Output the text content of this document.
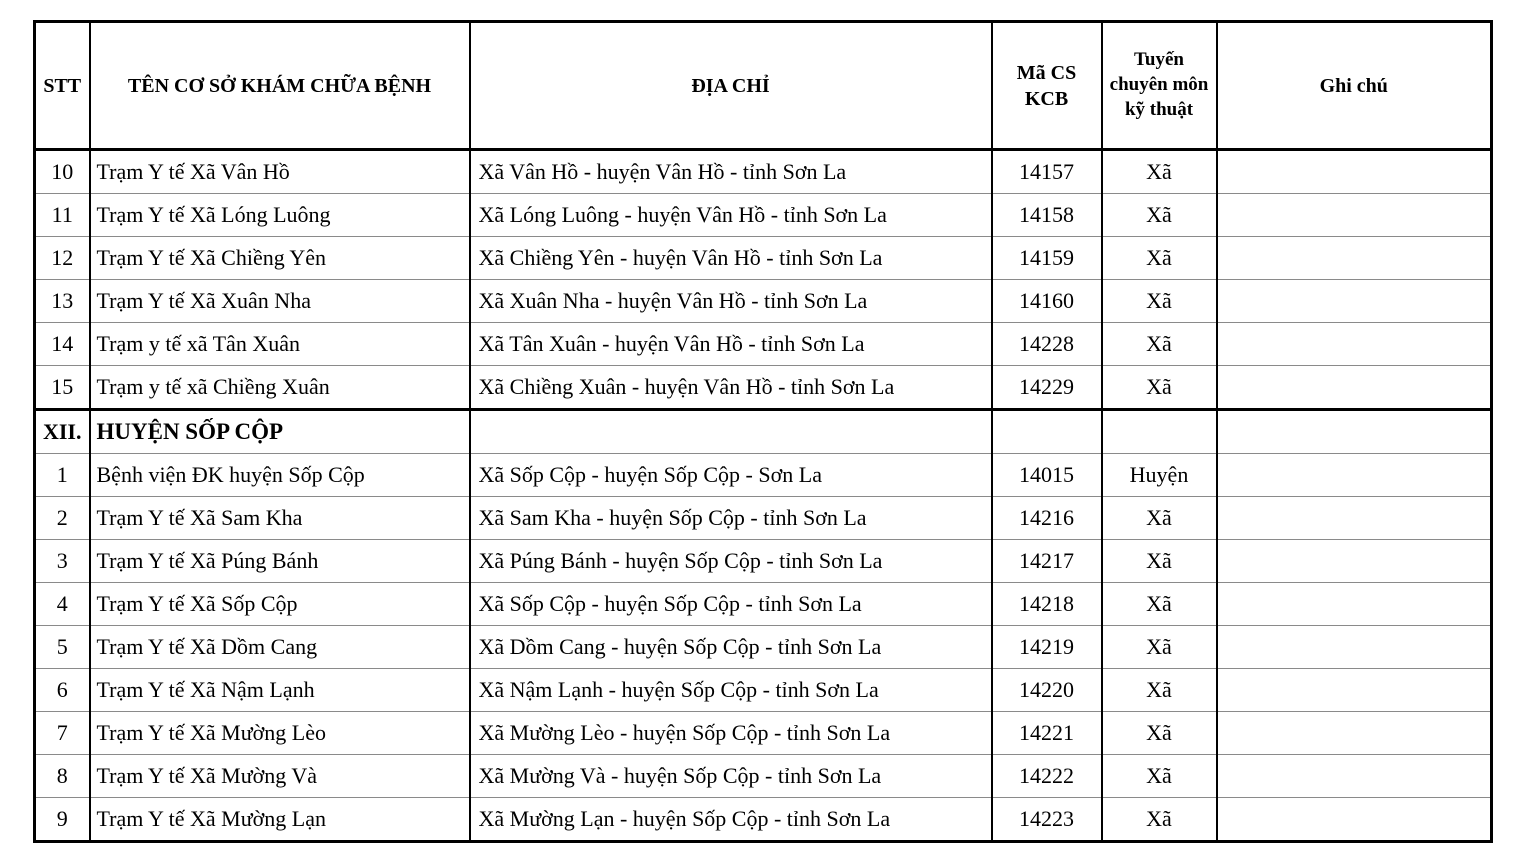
STT	TÊN CƠ SỞ KHÁM CHỮA BỆNH	ĐỊA CHỈ	Mã CS KCB	Tuyến chuyên môn kỹ thuật	Ghi chú
10	Trạm Y tế Xã Vân Hồ	Xã Vân Hồ - huyện Vân Hồ - tỉnh Sơn La	14157	Xã	
11	Trạm Y tế Xã Lóng Luông	Xã Lóng Luông - huyện Vân Hồ - tỉnh Sơn La	14158	Xã	
12	Trạm Y tế Xã Chiềng Yên	Xã Chiềng Yên - huyện Vân Hồ - tỉnh Sơn La	14159	Xã	
13	Trạm Y tế Xã Xuân Nha	Xã Xuân Nha - huyện Vân Hồ - tỉnh Sơn La	14160	Xã	
14	Trạm y tế xã Tân Xuân	Xã Tân Xuân - huyện Vân Hồ - tỉnh Sơn La	14228	Xã	
15	Trạm y tế xã Chiềng Xuân	Xã Chiềng Xuân - huyện Vân Hồ - tỉnh Sơn La	14229	Xã	
XII.	HUYỆN SỐP CỘP				
1	Bệnh viện ĐK huyện Sốp Cộp	Xã Sốp Cộp - huyện Sốp Cộp - Sơn La	14015	Huyện	
2	Trạm Y tế Xã Sam Kha	Xã Sam Kha - huyện Sốp Cộp - tỉnh Sơn La	14216	Xã	
3	Trạm Y tế Xã Púng Bánh	Xã Púng Bánh - huyện Sốp Cộp - tỉnh Sơn La	14217	Xã	
4	Trạm Y tế Xã Sốp Cộp	Xã Sốp Cộp - huyện Sốp Cộp - tỉnh Sơn La	14218	Xã	
5	Trạm Y tế Xã Dồm Cang	Xã Dồm Cang - huyện Sốp Cộp - tỉnh Sơn La	14219	Xã	
6	Trạm Y tế Xã Nậm Lạnh	Xã Nậm Lạnh - huyện Sốp Cộp - tỉnh Sơn La	14220	Xã	
7	Trạm Y tế Xã Mường Lèo	Xã Mường Lèo - huyện Sốp Cộp - tỉnh Sơn La	14221	Xã	
8	Trạm Y tế Xã Mường Và	Xã Mường Và - huyện Sốp Cộp - tỉnh Sơn La	14222	Xã	
9	Trạm Y tế Xã Mường Lạn	Xã Mường Lạn - huyện Sốp Cộp - tỉnh Sơn La	14223	Xã	
